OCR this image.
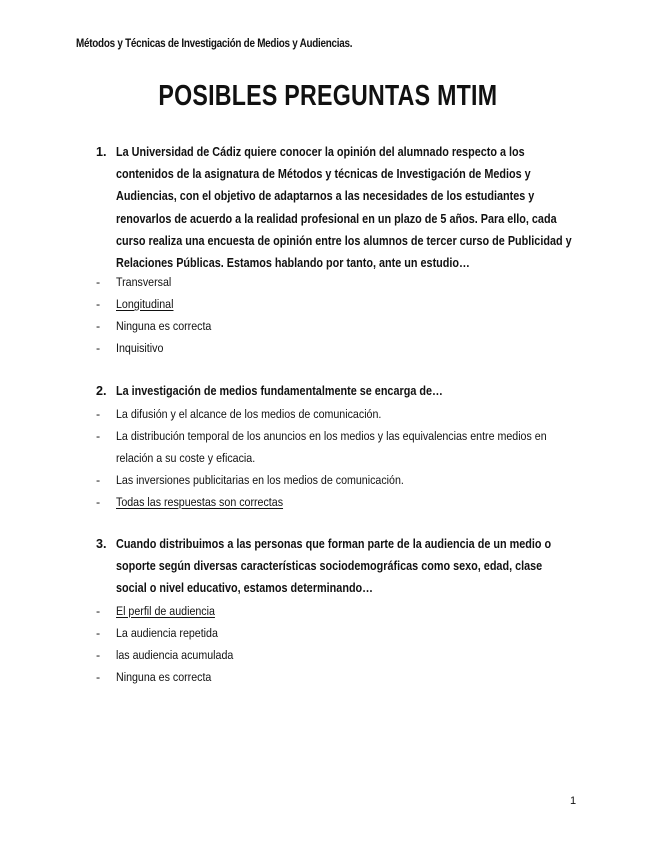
Métodos y Técnicas de Investigación de Medios y Audiencias.
POSIBLES PREGUNTAS MTIM
1. La Universidad de Cádiz quiere conocer la opinión del alumnado respecto a los contenidos de la asignatura de Métodos y técnicas de Investigación de Medios y Audiencias, con el objetivo de adaptarnos a las necesidades de los estudiantes y renovarlos de acuerdo a la realidad profesional en un plazo de 5 años. Para ello, cada curso realiza una encuesta de opinión entre los alumnos de tercer curso de Publicidad y Relaciones Públicas. Estamos hablando por tanto, ante un estudio…
- Transversal
- Longitudinal
- Ninguna es correcta
- Inquisitivo
2. La investigación de medios fundamentalmente se encarga de…
- La difusión y el alcance de los medios de comunicación.
- La distribución temporal de los anuncios en los medios y las equivalencias entre medios en relación a su coste y eficacia.
- Las inversiones publicitarias en los medios de comunicación.
- Todas las respuestas son correctas
3. Cuando distribuimos a las personas que forman parte de la audiencia de un medio o soporte según diversas características sociodemográficas como sexo, edad, clase social o nivel educativo, estamos determinando…
- El perfil de audiencia
- La audiencia repetida
- las audiencia acumulada
- Ninguna es correcta
1
